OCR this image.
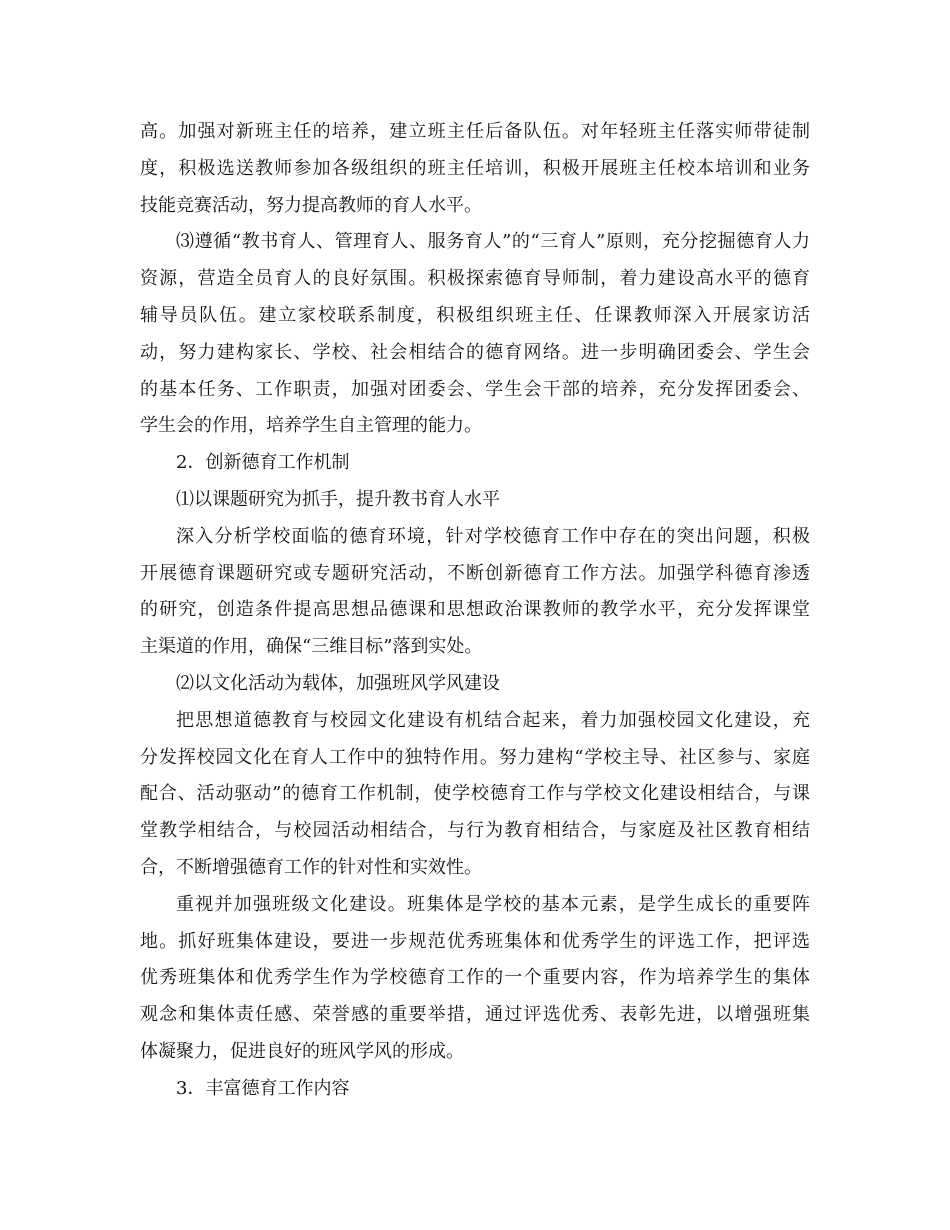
高。加强对新班主任的培养，建立班主任后备队伍。对年轻班主任落实师带徒制
度，积极选送教师参加各级组织的班主任培训，积极开展班主任校本培训和业务
技能竞赛活动，努力提高教师的育人水平。
⑶遵循“教书育人、管理育人、服务育人”的“三育人”原则，充分挖掘德育人力
资源，营造全员育人的良好氛围。积极探索德育导师制，着力建设高水平的德育
辅导员队伍。建立家校联系制度，积极组织班主任、任课教师深入开展家访活
动，努力建构家长、学校、社会相结合的德育网络。进一步明确团委会、学生会
的基本任务、工作职责，加强对团委会、学生会干部的培养，充分发挥团委会、
学生会的作用，培养学生自主管理的能力。
2．创新德育工作机制
⑴以课题研究为抓手，提升教书育人水平
深入分析学校面临的德育环境，针对学校德育工作中存在的突出问题，积极
开展德育课题研究或专题研究活动，不断创新德育工作方法。加强学科德育渗透
的研究，创造条件提高思想品德课和思想政治课教师的教学水平，充分发挥课堂
主渠道的作用，确保“三维目标”落到实处。
⑵以文化活动为载体，加强班风学风建设
把思想道德教育与校园文化建设有机结合起来，着力加强校园文化建设，充
分发挥校园文化在育人工作中的独特作用。努力建构“学校主导、社区参与、家庭
配合、活动驱动”的德育工作机制，使学校德育工作与学校文化建设相结合，与课
堂教学相结合，与校园活动相结合，与行为教育相结合，与家庭及社区教育相结
合，不断增强德育工作的针对性和实效性。
重视并加强班级文化建设。班集体是学校的基本元素，是学生成长的重要阵
地。抓好班集体建设，要进一步规范优秀班集体和优秀学生的评选工作，把评选
优秀班集体和优秀学生作为学校德育工作的一个重要内容，作为培养学生的集体
观念和集体责任感、荣誉感的重要举措，通过评选优秀、表彰先进，以增强班集
体凝聚力，促进良好的班风学风的形成。
3．丰富德育工作内容
